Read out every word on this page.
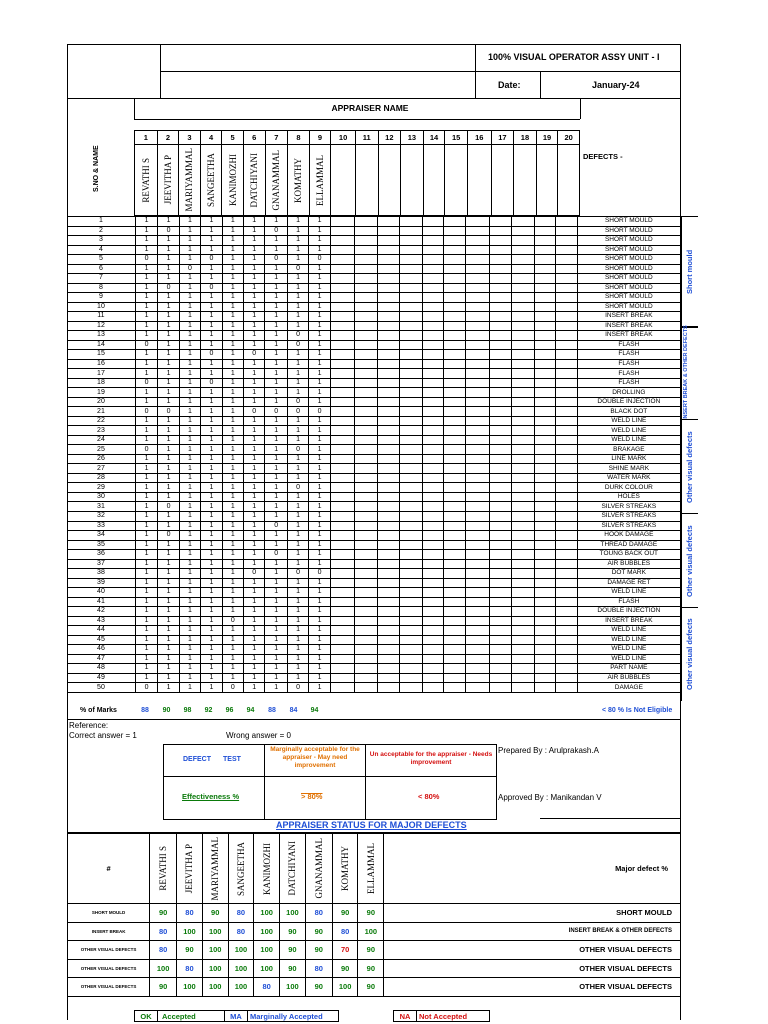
100% VISUAL OPERATOR ASSY UNIT - I
Date:	January-24
APPRAISER NAME
S.NO & NAME	DEFECTS -
1	2	3	4	5	6	7	8	9	10	11	12	13	14	15	16	17	18	19	20

REVATHI S	JEEVITHA P	MARIYAMMAL	SANGEETHA	KANIMOZHI	DATCHIYANI	GNANAMMAL	KOMATHY	ELLAMMAL											

1	1	1	1	1	1	1	1	1	1												SHORT MOULD
2	1	0	1	1	1	1	0	1	1												SHORT MOULD
3	1	1	1	1	1	1	1	1	1												SHORT MOULD
4	1	1	1	1	1	1	1	1	1												SHORT MOULD
5	0	1	1	0	1	1	0	1	0												SHORT MOULD
6	1	1	0	1	1	1	1	0	1												SHORT MOULD
7	1	1	1	1	1	1	1	1	1												SHORT MOULD
8	1	0	1	0	1	1	1	1	1												SHORT MOULD
9	1	1	1	1	1	1	1	1	1												SHORT MOULD
10	1	1	1	1	1	1	1	1	1												SHORT MOULD
11	1	1	1	1	1	1	1	1	1												INSERT BREAK
12	1	1	1	1	1	1	1	1	1												INSERT BREAK
13	1	1	1	1	1	1	1	0	1												INSERT BREAK
14	0	1	1	1	1	1	1	0	1												FLASH
15	1	1	1	0	1	0	1	1	1												FLASH
16	1	1	1	1	1	1	1	1	1												FLASH
17	1	1	1	1	1	1	1	1	1												FLASH
18	0	1	1	0	1	1	1	1	1												FLASH
19	1	1	1	1	1	1	1	1	1												DROLLING
20	1	1	1	1	1	1	1	0	1												DOUBLE INJECTION
21	0	0	1	1	1	0	0	0	0												BLACK DOT
22	1	1	1	1	1	1	1	1	1												WELD LINE
23	1	1	1	1	1	1	1	1	1												WELD LINE
24	1	1	1	1	1	1	1	1	1												WELD LINE
25	0	1	1	1	1	1	1	0	1												BRAKAGE
26	1	1	1	1	1	1	1	1	1												LINE MARK
27	1	1	1	1	1	1	1	1	1												SHINE MARK
28	1	1	1	1	1	1	1	1	1												WATER MARK
29	1	1	1	1	1	1	1	0	1												DURK COLOUR
30	1	1	1	1	1	1	1	1	1												HOLES
31	1	0	1	1	1	1	1	1	1												SILVER STREAKS
32	1	1	1	1	1	1	1	1	1												SILVER STREAKS
33	1	1	1	1	1	1	0	1	1												SILVER STREAKS
34	1	0	1	1	1	1	1	1	1												HOOK DAMAGE
35	1	1	1	1	1	1	1	1	1												THREAD DAMAGE
36	1	1	1	1	1	1	0	1	1												TOUNG BACK OUT
37	1	1	1	1	1	1	1	1	1												AIR BUBBLES
38	1	1	1	1	1	0	1	0	0												DOT MARK
39	1	1	1	1	1	1	1	1	1												DAMAGE RET
40	1	1	1	1	1	1	1	1	1												WELD LINE
41	1	1	1	1	1	1	1	1	1												FLASH
42	1	1	1	1	1	1	1	1	1												DOUBLE INJECTION
43	1	1	1	1	0	1	1	1	1												INSERT BREAK
44	1	1	1	1	1	1	1	1	1												WELD LINE
45	1	1	1	1	1	1	1	1	1												WELD LINE
46	1	1	1	1	1	1	1	1	1												WELD LINE
47	1	1	1	1	1	1	1	1	1												WELD LINE
48	1	1	1	1	1	1	1	1	1												PART NAME
49	1	1	1	1	1	1	1	1	1												AIR BUBBLES
50	0	1	1	1	0	1	1	0	1												DAMAGE
Short mould
INSERT BREAK & OTHER DEFECTS
Other visual defects
Other visual defects
Other visual defects
% of Marks	88	90	98	92	96	94	88	84	94	< 80 % Is Not Eligible
Reference:
Correct answer = 1	Wrong answer = 0
DEFECT TEST
Marginally acceptable for the appraiser - May need improvement
Un acceptable for the appraiser - Needs improvement
Effectiveness %	> 80%	< 80%
Prepared By : Arulprakash.A
Approved By : Manikandan V
APPRAISER STATUS FOR MAJOR DEFECTS
#	REVATHI S	JEEVITHA P	MARIYAMMAL	SANGEETHA	KANIMOZHI	DATCHIYANI	GNANAMMAL	KOMATHY	ELLAMMAL	Major defect %
SHORT MOULD	90	80	90	80	100	100	80	90	90	SHORT MOULD
INSERT BREAK	80	100	100	80	100	90	90	80	100	INSERT BREAK & OTHER DEFECTS
OTHER VISUAL DEFECTS	80	90	100	100	100	90	90	70	90	OTHER VISUAL DEFECTS
OTHER VISUAL DEFECTS	100	80	100	100	100	90	80	90	90	OTHER VISUAL DEFECTS
OTHER VISUAL DEFECTS	90	100	100	100	80	100	90	100	90	OTHER VISUAL DEFECTS
OK	Accepted	MA	Marginally Accepted		NA	Not Accepted
